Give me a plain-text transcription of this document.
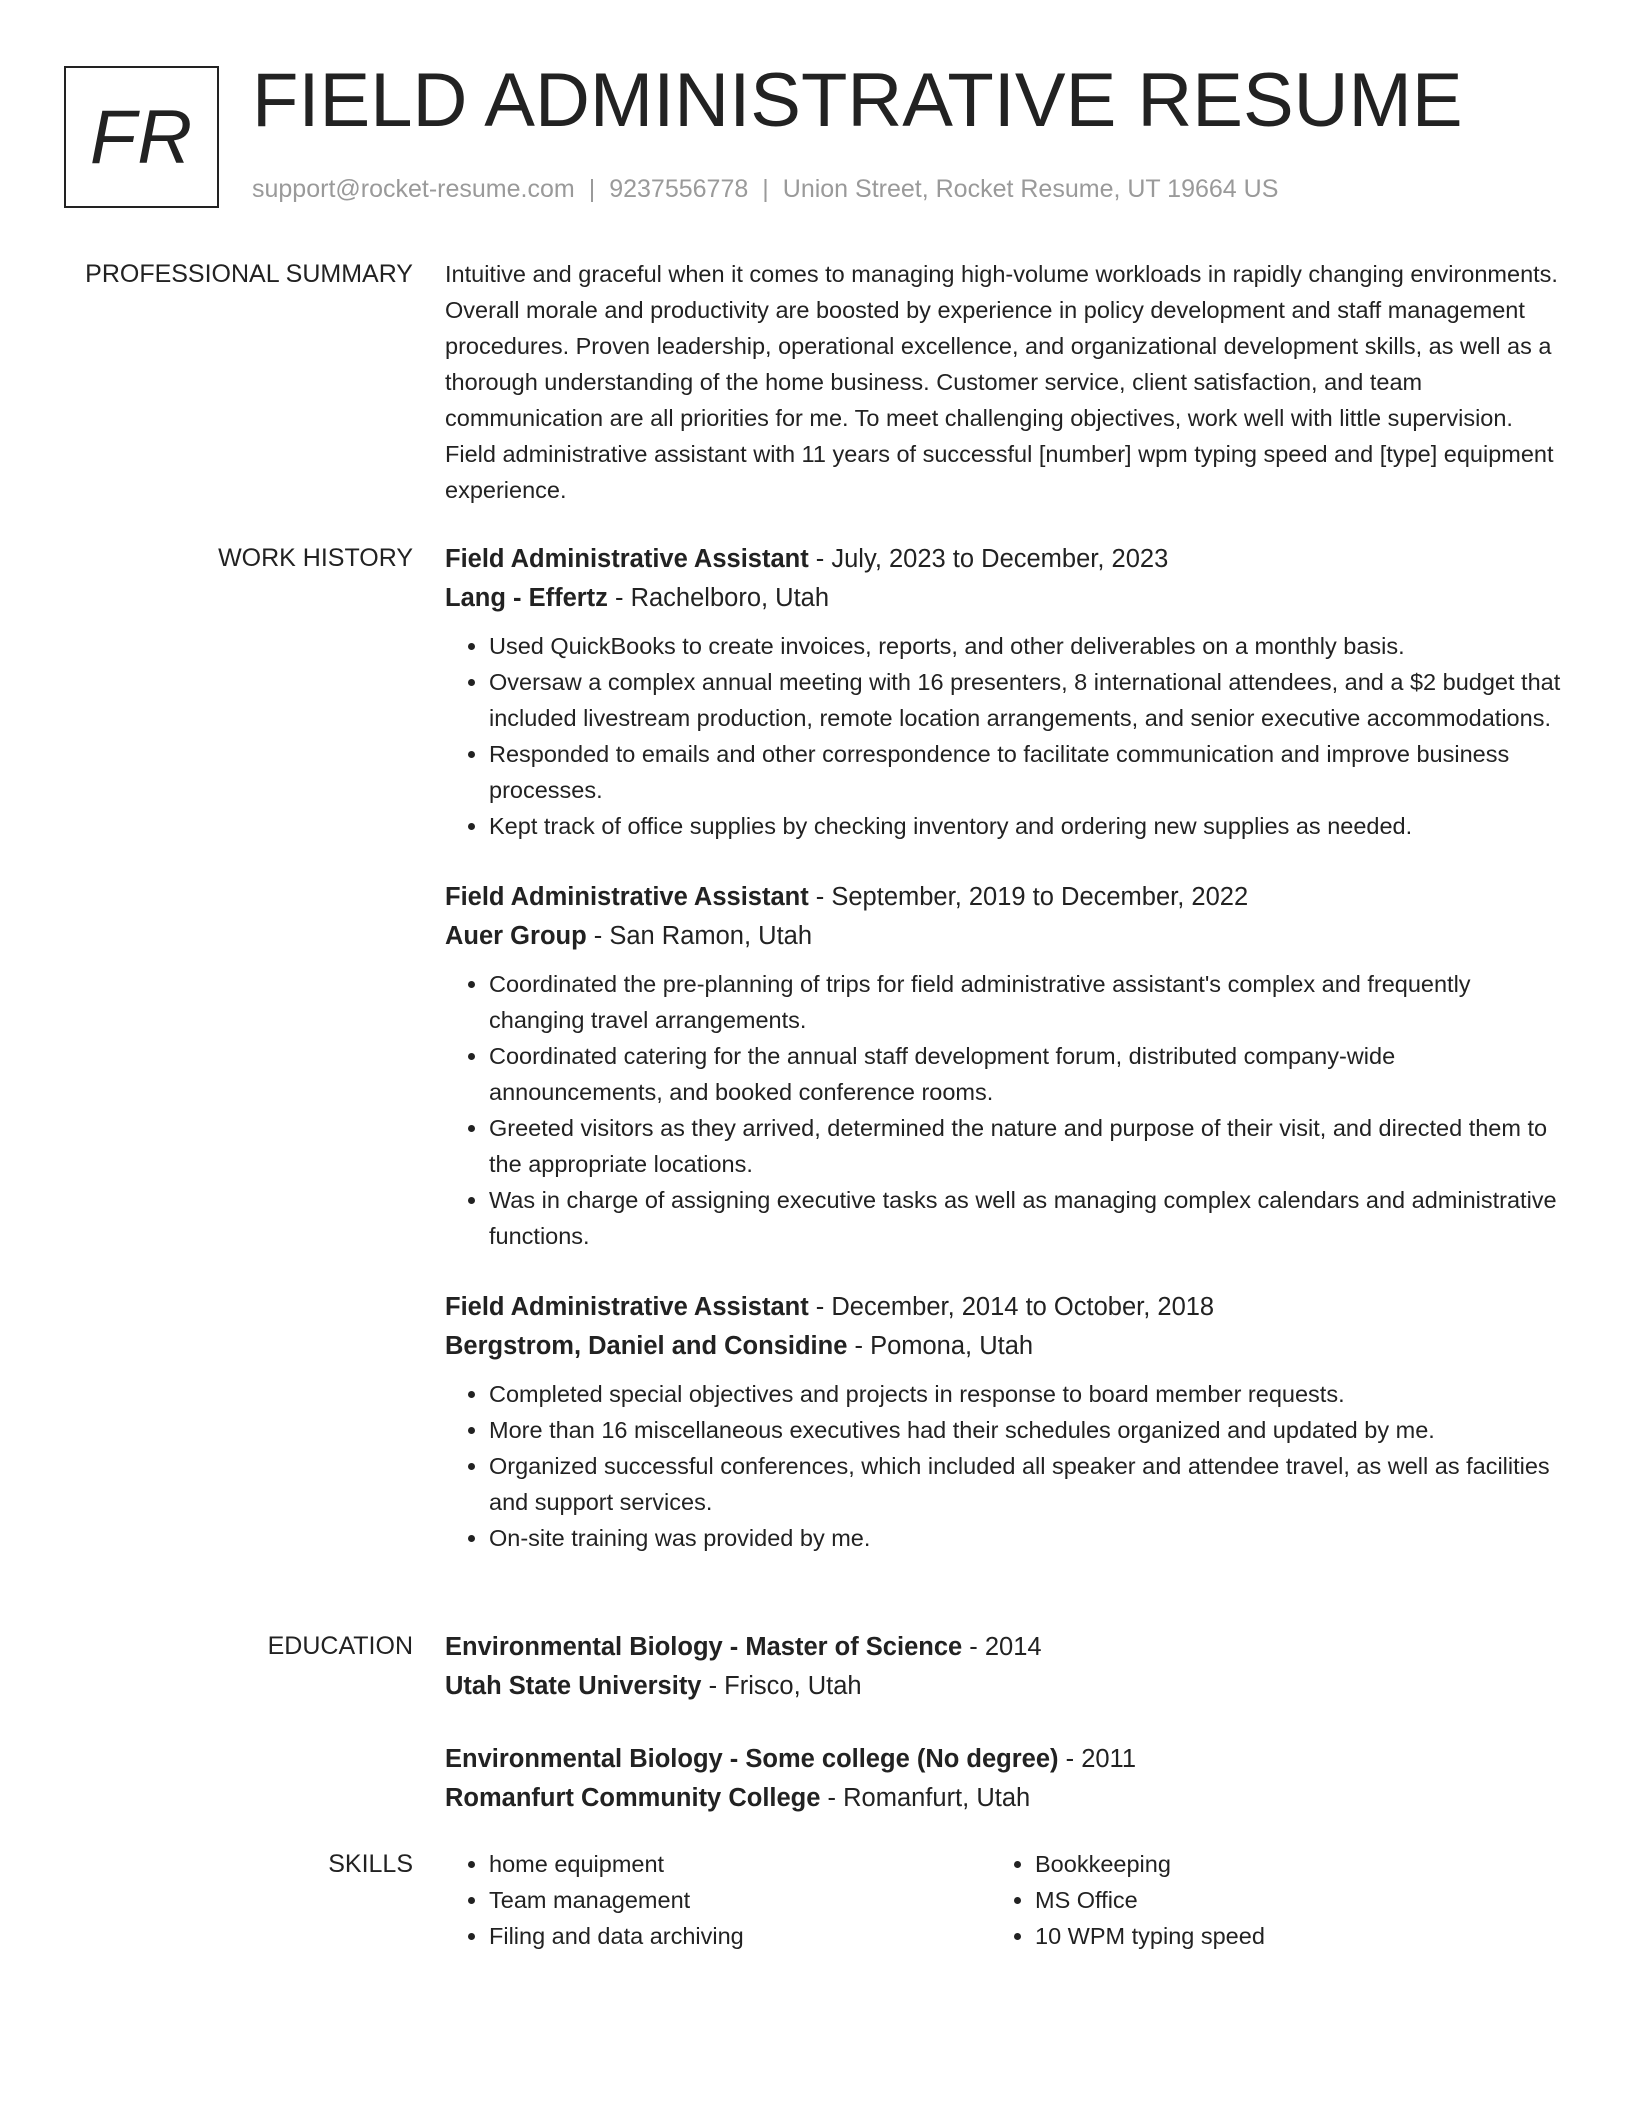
FR FIELD ADMINISTRATIVE RESUME
support@rocket-resume.com | 9237556778 | Union Street, Rocket Resume, UT 19664 US
PROFESSIONAL SUMMARY Intuitive and graceful when it comes to managing high-volume workloads in rapidly changing environments. Overall morale and productivity are boosted by experience in policy development and staff management procedures. Proven leadership, operational excellence, and organizational development skills, as well as a thorough understanding of the home business. Customer service, client satisfaction, and team communication are all priorities for me. To meet challenging objectives, work well with little supervision. Field administrative assistant with 11 years of successful [number] wpm typing speed and [type] equipment experience.
WORK HISTORY Field Administrative Assistant - July, 2023 to December, 2023
Lang - Effertz - Rachelboro, Utah
• Used QuickBooks to create invoices, reports, and other deliverables on a monthly basis.
• Oversaw a complex annual meeting with 16 presenters, 8 international attendees, and a $2 budget that included livestream production, remote location arrangements, and senior executive accommodations.
• Responded to emails and other correspondence to facilitate communication and improve business processes.
• Kept track of office supplies by checking inventory and ordering new supplies as needed.
Field Administrative Assistant - September, 2019 to December, 2022
Auer Group - San Ramon, Utah
• Coordinated the pre-planning of trips for field administrative assistant's complex and frequently changing travel arrangements.
• Coordinated catering for the annual staff development forum, distributed company-wide announcements, and booked conference rooms.
• Greeted visitors as they arrived, determined the nature and purpose of their visit, and directed them to the appropriate locations.
• Was in charge of assigning executive tasks as well as managing complex calendars and administrative functions.
Field Administrative Assistant - December, 2014 to October, 2018
Bergstrom, Daniel and Considine - Pomona, Utah
• Completed special objectives and projects in response to board member requests.
• More than 16 miscellaneous executives had their schedules organized and updated by me.
• Organized successful conferences, which included all speaker and attendee travel, as well as facilities and support services.
• On-site training was provided by me.
EDUCATION Environmental Biology - Master of Science - 2014
Utah State University - Frisco, Utah
Environmental Biology - Some college (No degree) - 2011
Romanfurt Community College - Romanfurt, Utah
SKILLS
•	home equipment
• Team management
• Filing and data archiving
• Bookkeeping
• MS Office
• 10 WPM typing speed
